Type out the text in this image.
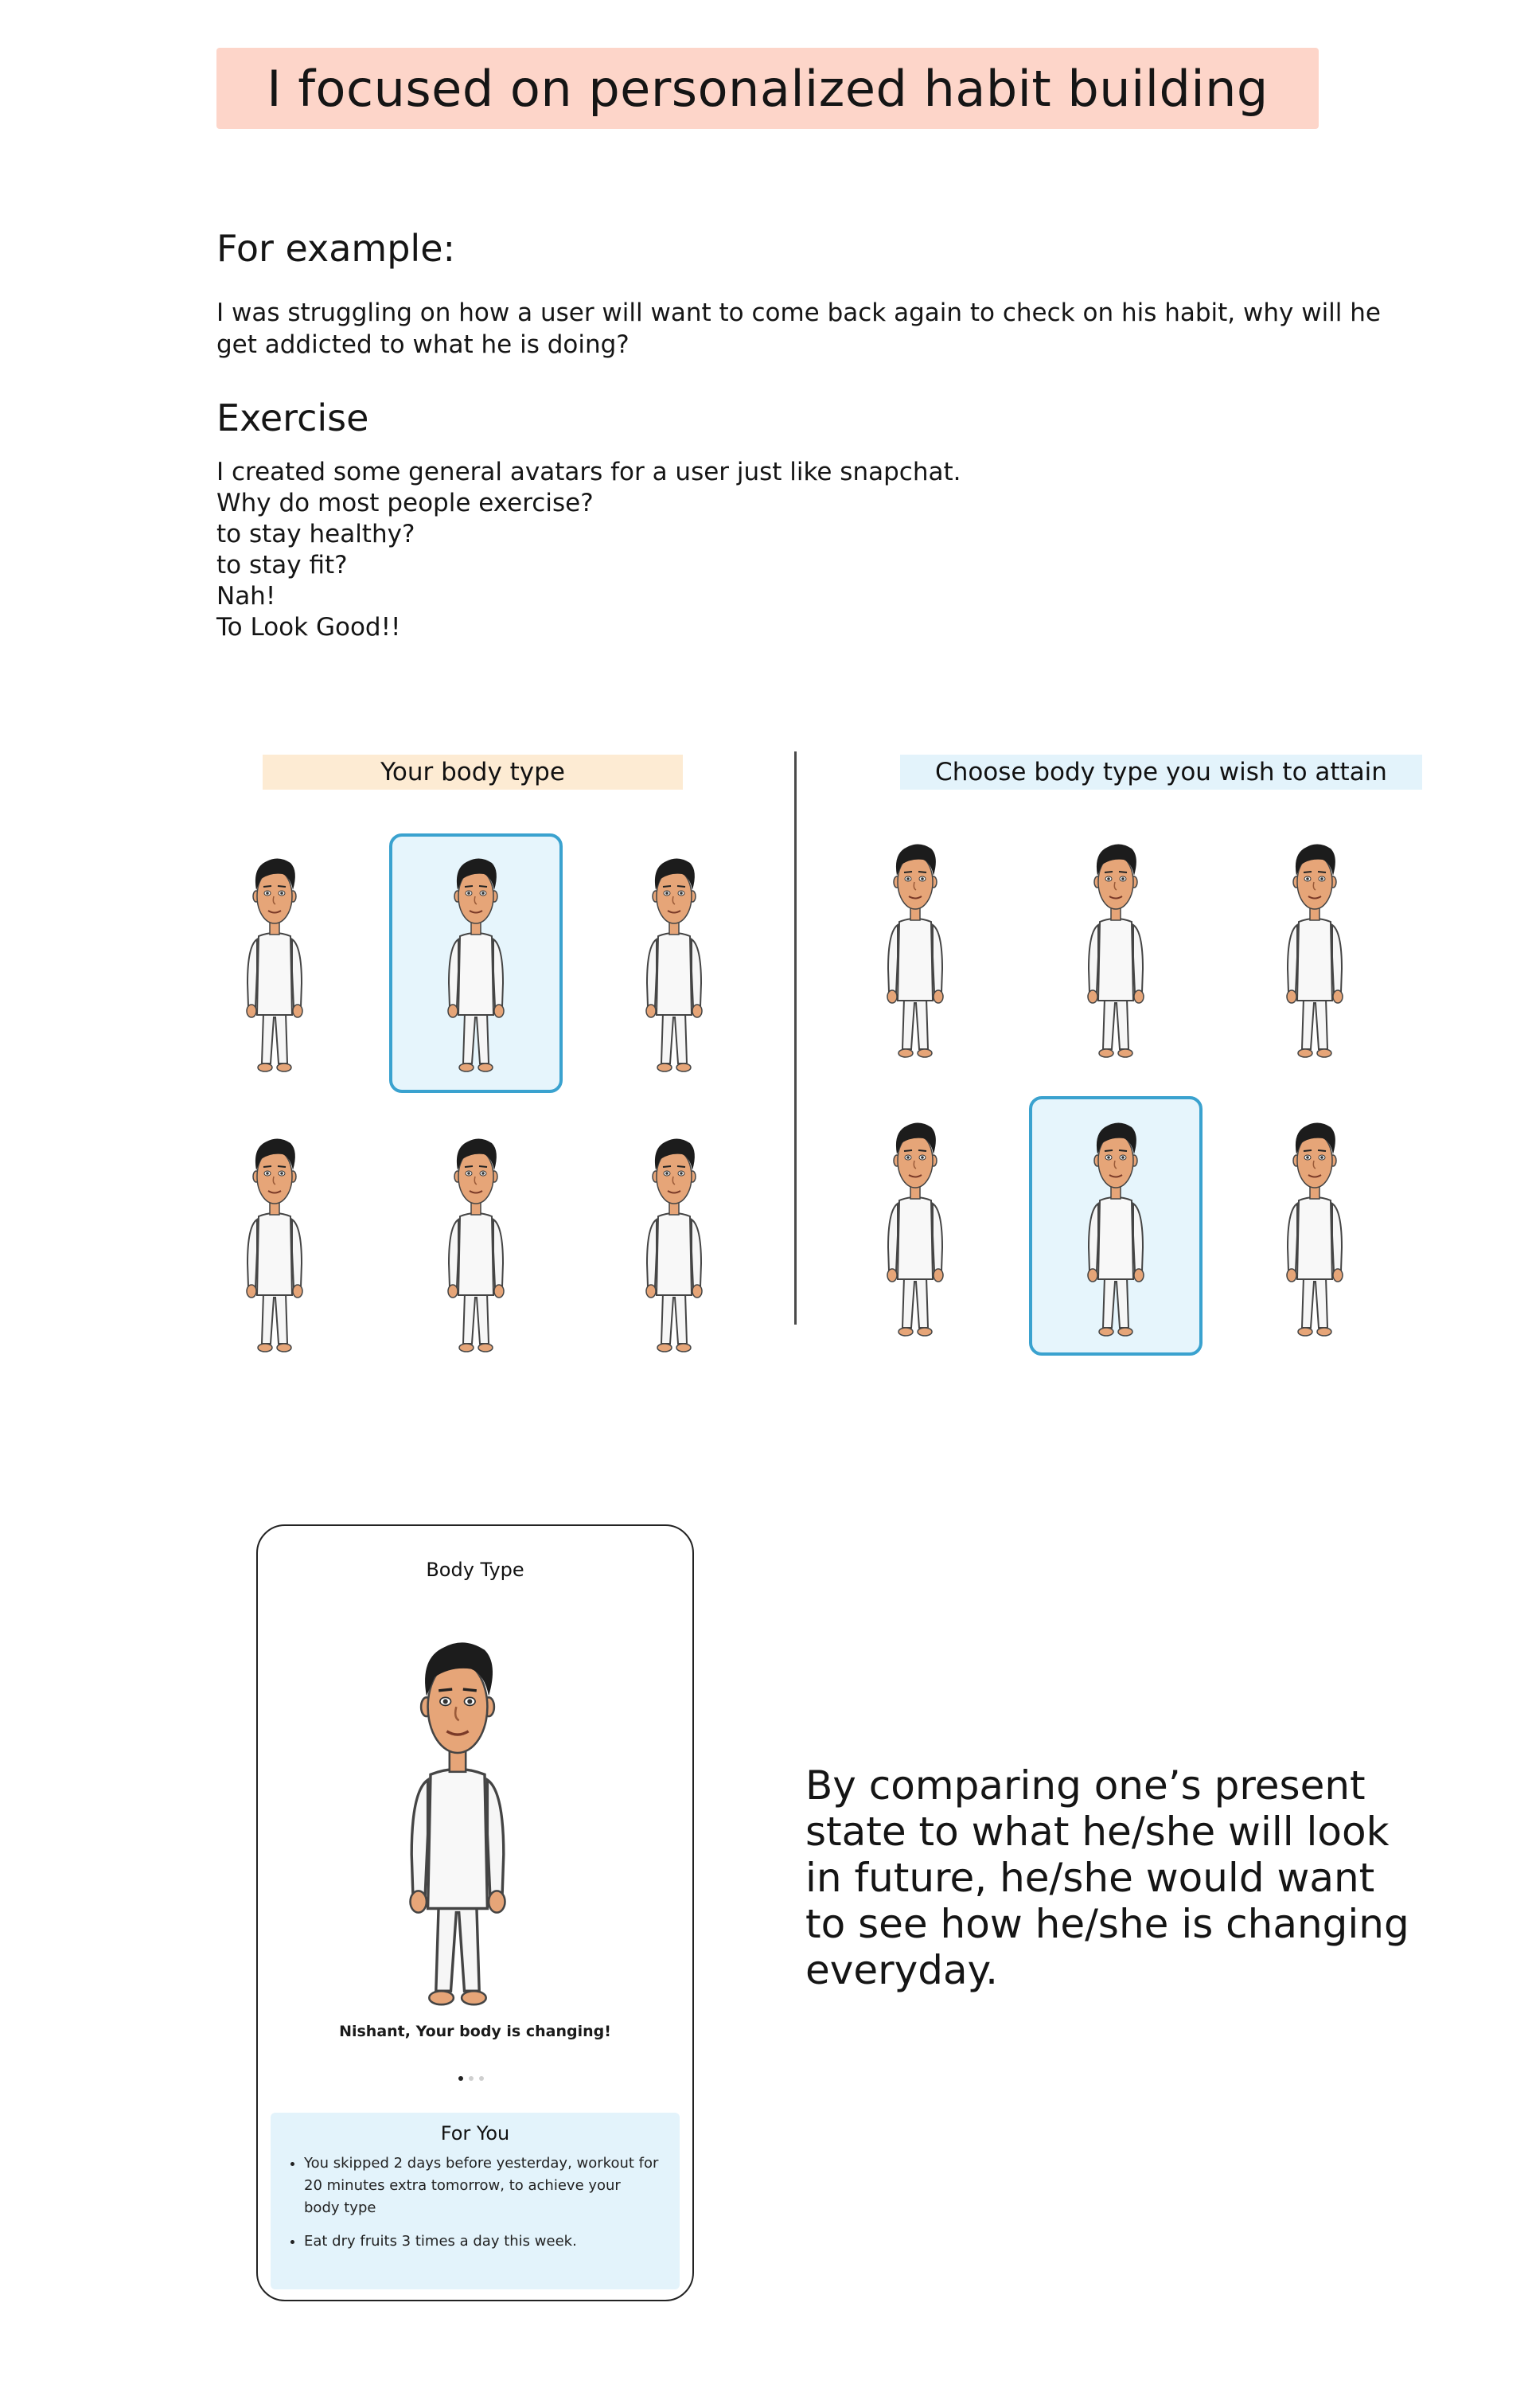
I focused on personalized habit building
For example:
I was struggling on how a user will want to come back again to check on his habit, why will he get addicted to what he is doing?
Exercise
I created some general avatars for a user just like snapchat.
Why do most people exercise?
to stay healthy?
to stay fit?
Nah!
To Look Good!!
Your body type	Choose body type you wish to attain
Body Type
Nishant, Your body is changing!
For You
• You skipped 2 days before yesterday, workout for 20 minutes extra tomorrow, to achieve your body type
• Eat dry fruits 3 times a day this week.
By comparing one’s present state to what he/she will look in future, he/she would want to see how he/she is changing everyday.
